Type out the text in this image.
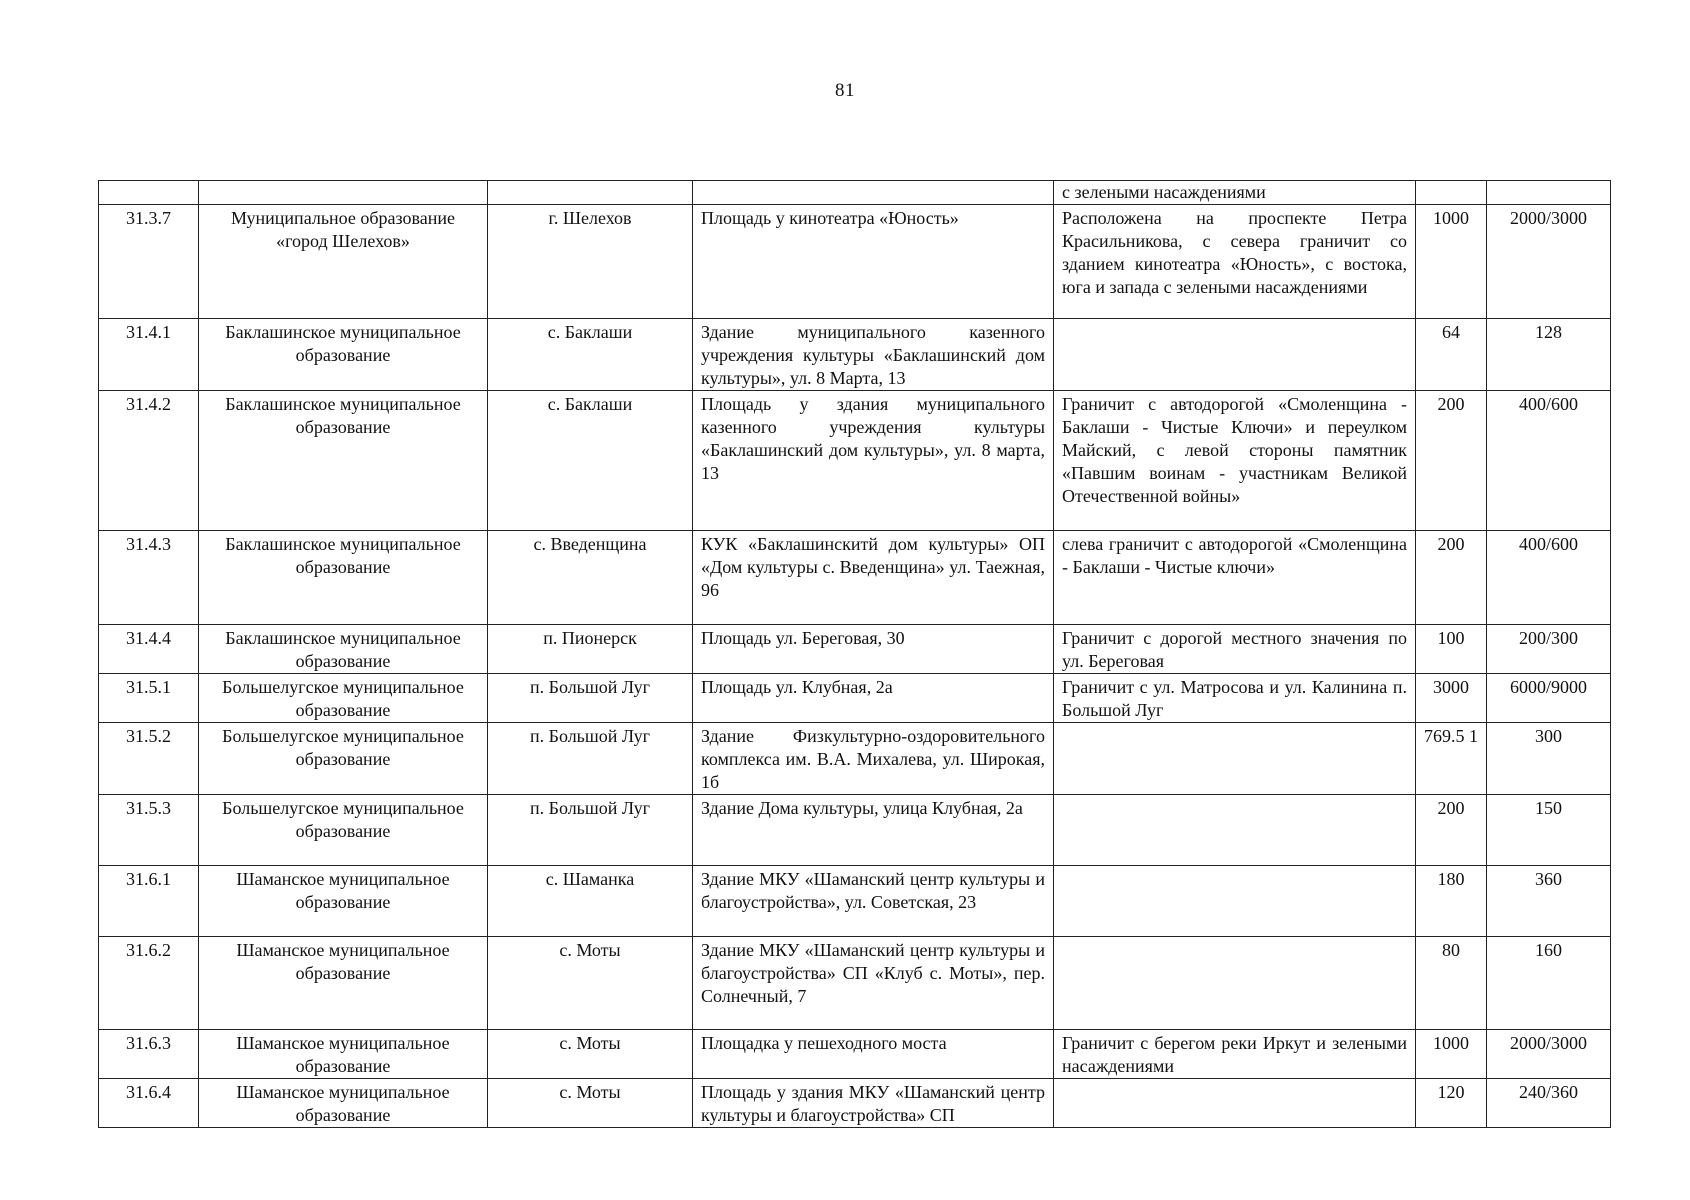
81
				с зелеными насаждениями		
31.3.7	Муниципальное образование «город Шелехов»	г. Шелехов	Площадь у кинотеатра «Юность»	Расположена на проспекте Петра Красильникова, с севера граничит со зданием кинотеатра «Юность», с востока, юга и запада с зелеными насаждениями	1000	2000/3000
31.4.1	Баклашинское муниципальное образование	с. Баклаши	Здание муниципального казенного учреждения культуры «Баклашинский дом культуры», ул. 8 Марта, 13		64	128
31.4.2	Баклашинское муниципальное образование	с. Баклаши	Площадь у здания муниципального казенного учреждения культуры «Баклашинский дом культуры», ул. 8 марта, 13	Граничит с автодорогой «Смоленщина - Баклаши - Чистые Ключи» и переулком Майский, с левой стороны памятник «Павшим воинам - участникам Великой Отечественной войны»	200	400/600
31.4.3	Баклашинское муниципальное образование	с. Введенщина	КУК «Баклашинскитй дом культуры» ОП «Дом культуры с. Введенщина» ул. Таежная, 96	слева граничит с автодорогой «Смоленщина - Баклаши - Чистые ключи»	200	400/600
31.4.4	Баклашинское муниципальное образование	п. Пионерск	Площадь ул. Береговая, 30	Граничит с дорогой местного значения по ул. Береговая	100	200/300
31.5.1	Большелугское муниципальное образование	п. Большой Луг	Площадь ул. Клубная, 2а	Граничит с ул. Матросова и ул. Калинина п. Большой Луг	3000	6000/9000
31.5.2	Большелугское муниципальное образование	п. Большой Луг	Здание Физкультурно-оздоровительного комплекса им. В.А. Михалева, ул. Широкая, 1б		769.5 1	300
31.5.3	Большелугское муниципальное образование	п. Большой Луг	Здание Дома культуры, улица Клубная, 2а		200	150
31.6.1	Шаманское муниципальное образование	с. Шаманка	Здание МКУ «Шаманский центр культуры и благоустройства», ул. Советская, 23		180	360
31.6.2	Шаманское муниципальное образование	с. Моты	Здание МКУ «Шаманский центр культуры и благоустройства» СП «Клуб с. Моты», пер. Солнечный, 7		80	160
31.6.3	Шаманское муниципальное образование	с. Моты	Площадка у пешеходного моста	Граничит с берегом реки Иркут и зелеными насаждениями	1000	2000/3000
31.6.4	Шаманское муниципальное образование	с. Моты	Площадь у здания МКУ «Шаманский центр культуры и благоустройства» СП		120	240/360
